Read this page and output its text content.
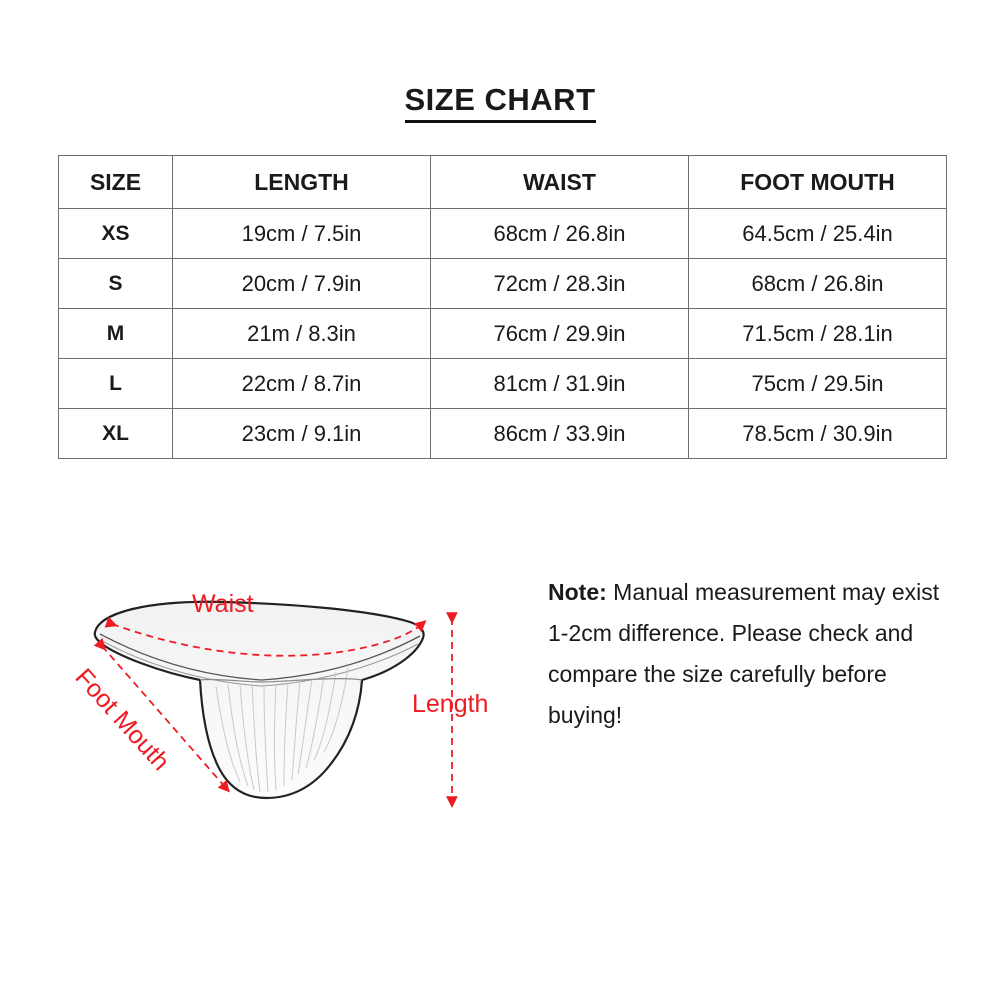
SIZE CHART
SIZE	LENGTH	WAIST	FOOT MOUTH
XS	19cm / 7.5in	68cm / 26.8in	64.5cm / 25.4in
S	20cm / 7.9in	72cm / 28.3in	68cm / 26.8in
M	21m / 8.3in	76cm / 29.9in	71.5cm / 28.1in
L	22cm / 8.7in	81cm / 31.9in	75cm / 29.5in
XL	23cm / 9.1in	86cm / 33.9in	78.5cm / 30.9in
Waist
Foot Mouth	Length
Note: Manual measurement may exist 1-2cm difference. Please check and compare the size carefully before buying!
